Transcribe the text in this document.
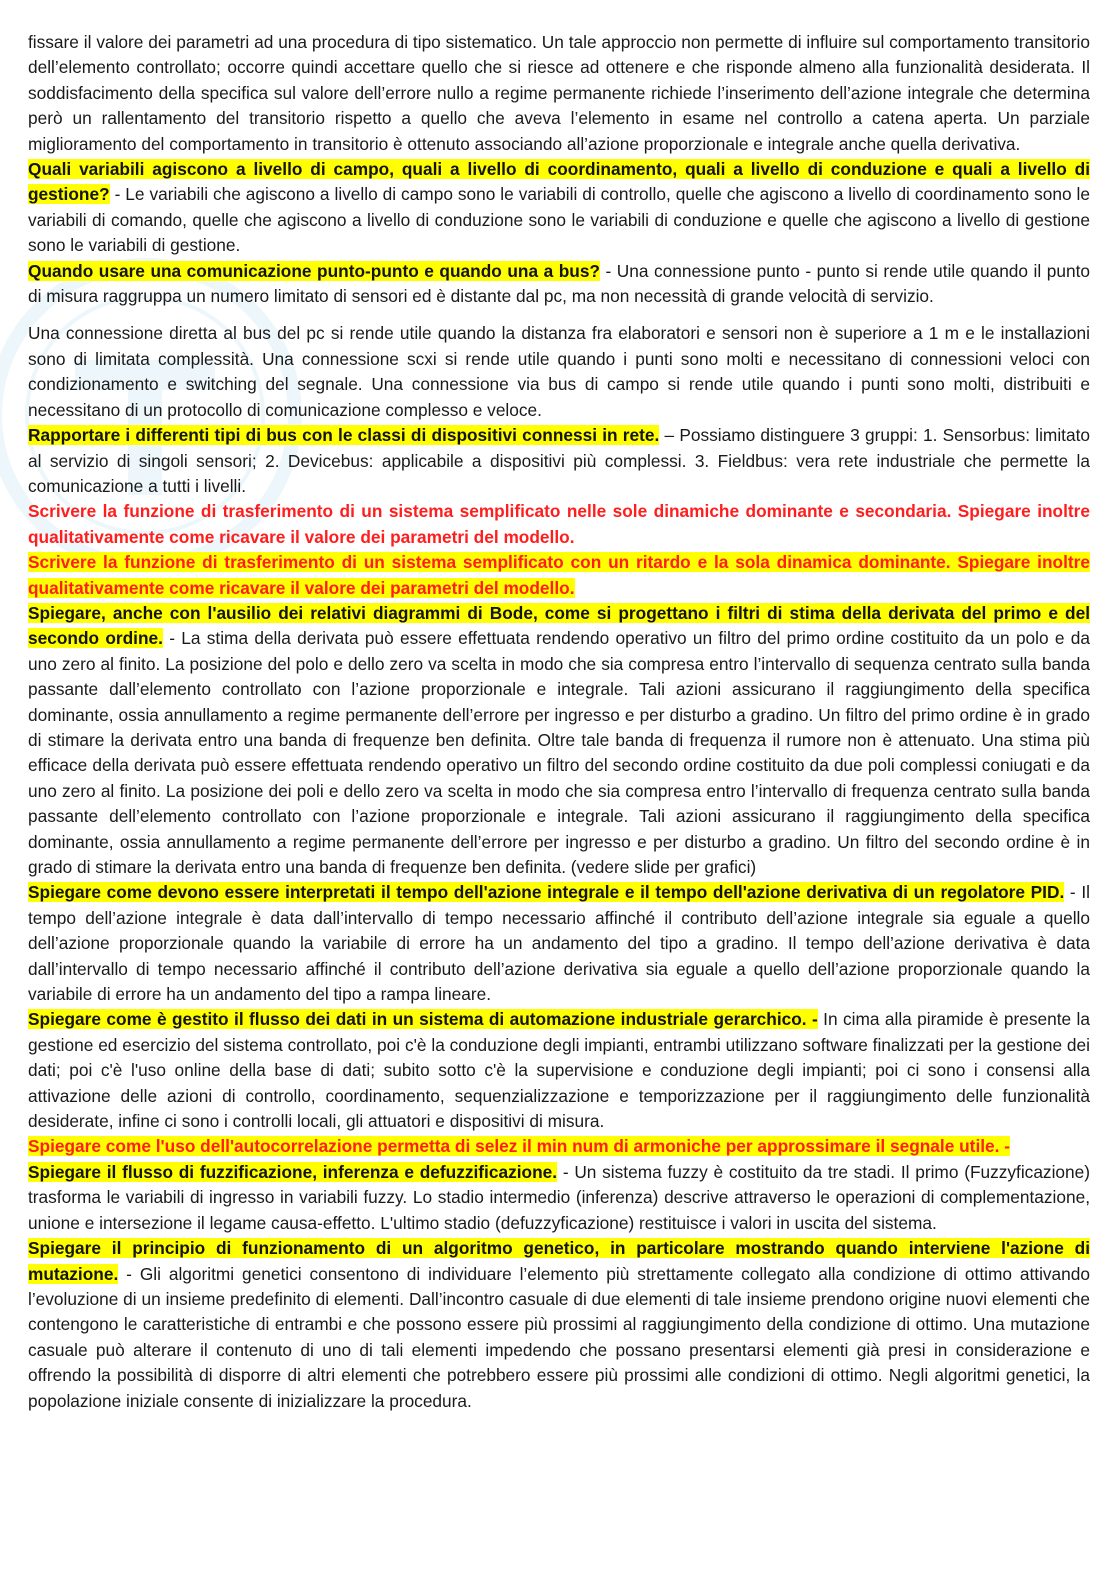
fissare il valore dei parametri ad una procedura di tipo sistematico. Un tale approccio non permette di influire sul comportamento transitorio dell’elemento controllato; occorre quindi accettare quello che si riesce ad ottenere e che risponde almeno alla funzionalità desiderata. Il soddisfacimento della specifica sul valore dell’errore nullo a regime permanente richiede l’inserimento dell’azione integrale che determina però un rallentamento del transitorio rispetto a quello che aveva l’elemento in esame nel controllo a catena aperta. Un parziale miglioramento del comportamento in transitorio è ottenuto associando all’azione proporzionale e integrale anche quella derivativa.

Quali variabili agiscono a livello di campo, quali a livello di coordinamento, quali a livello di conduzione e quali a livello di gestione? - Le variabili che agiscono a livello di campo sono le variabili di controllo, quelle che agiscono a livello di coordinamento sono le variabili di comando, quelle che agiscono a livello di conduzione sono le variabili di conduzione e quelle che agiscono a livello di gestione sono le variabili di gestione.

Quando usare una comunicazione punto-punto e quando una a bus? - Una connessione punto - punto si rende utile quando il punto di misura raggruppa un numero limitato di sensori ed è distante dal pc, ma non necessità di grande velocità di servizio.

Una connessione diretta al bus del pc si rende utile quando la distanza fra elaboratori e sensori non è superiore a 1 m e le installazioni sono di limitata complessità. Una connessione scxi si rende utile quando i punti sono molti e necessitano di connessioni veloci con condizionamento e switching del segnale. Una connessione via bus di campo si rende utile quando i punti sono molti, distribuiti e necessitano di un protocollo di comunicazione complesso e veloce.

Rapportare i differenti tipi di bus con le classi di dispositivi connessi in rete. – Possiamo distinguere 3 gruppi: 1. Sensorbus: limitato al servizio di singoli sensori; 2. Devicebus: applicabile a dispositivi più complessi. 3. Fieldbus: vera rete industriale che permette la comunicazione a tutti i livelli.

Scrivere la funzione di trasferimento di un sistema semplificato nelle sole dinamiche dominante e secondaria. Spiegare inoltre qualitativamente come ricavare il valore dei parametri del modello.

Scrivere la funzione di trasferimento di un sistema semplificato con un ritardo e la sola dinamica dominante. Spiegare inoltre qualitativamente come ricavare il valore dei parametri del modello.

Spiegare, anche con l'ausilio dei relativi diagrammi di Bode, come si progettano i filtri di stima della derivata del primo e del secondo ordine. - La stima della derivata può essere effettuata rendendo operativo un filtro del primo ordine costituito da un polo e da uno zero al finito. La posizione del polo e dello zero va scelta in modo che sia compresa entro l’intervallo di sequenza centrato sulla banda passante dall’elemento controllato con l’azione proporzionale e integrale. Tali azioni assicurano il raggiungimento della specifica dominante, ossia annullamento a regime permanente dell’errore per ingresso e per disturbo a gradino. Un filtro del primo ordine è in grado di stimare la derivata entro una banda di frequenze ben definita. Oltre tale banda di frequenza il rumore non è attenuato. Una stima più efficace della derivata può essere effettuata rendendo operativo un filtro del secondo ordine costituito da due poli complessi coniugati e da uno zero al finito. La posizione dei poli e dello zero va scelta in modo che sia compresa entro l’intervallo di frequenza centrato sulla banda passante dell’elemento controllato con l’azione proporzionale e integrale. Tali azioni assicurano il raggiungimento della specifica dominante, ossia annullamento a regime permanente dell’errore per ingresso e per disturbo a gradino. Un filtro del secondo ordine è in grado di stimare la derivata entro una banda di frequenze ben definita. (vedere slide per grafici)

Spiegare come devono essere interpretati il tempo dell'azione integrale e il tempo dell'azione derivativa di un regolatore PID. - Il tempo dell’azione integrale è data dall’intervallo di tempo necessario affinché il contributo dell’azione integrale sia eguale a quello dell’azione proporzionale quando la variabile di errore ha un andamento del tipo a gradino. Il tempo dell’azione derivativa è data dall’intervallo di tempo necessario affinché il contributo dell’azione derivativa sia eguale a quello dell’azione proporzionale quando la variabile di errore ha un andamento del tipo a rampa lineare.

Spiegare come è gestito il flusso dei dati in un sistema di automazione industriale gerarchico. - In cima alla piramide è presente la gestione ed esercizio del sistema controllato, poi c'è la conduzione degli impianti, entrambi utilizzano software finalizzati per la gestione dei dati; poi c'è l'uso online della base di dati; subito sotto c'è la supervisione e conduzione degli impianti; poi ci sono i consensi alla attivazione delle azioni di controllo, coordinamento, sequenzializzazione e temporizzazione per il raggiungimento delle funzionalità desiderate, infine ci sono i controlli locali, gli attuatori e dispositivi di misura.

Spiegare come l'uso dell'autocorrelazione permetta di selez il min num di armoniche per approssimare il segnale utile. -

Spiegare il flusso di fuzzificazione, inferenza e defuzzificazione. - Un sistema fuzzy è costituito da tre stadi. Il primo (Fuzzyficazione) trasforma le variabili di ingresso in variabili fuzzy. Lo stadio intermedio (inferenza) descrive attraverso le operazioni di complementazione, unione e intersezione il legame causa-effetto. L'ultimo stadio (defuzzyficazione) restituisce i valori in uscita del sistema.

Spiegare il principio di funzionamento di un algoritmo genetico, in particolare mostrando quando interviene l'azione di mutazione. - Gli algoritmi genetici consentono di individuare l’elemento più strettamente collegato alla condizione di ottimo attivando l’evoluzione di un insieme predefinito di elementi. Dall’incontro casuale di due elementi di tale insieme prendono origine nuovi elementi che contengono le caratteristiche di entrambi e che possono essere più prossimi al raggiungimento della condizione di ottimo. Una mutazione casuale può alterare il contenuto di uno di tali elementi impedendo che possano presentarsi elementi già presi in considerazione e offrendo la possibilità di disporre di altri elementi che potrebbero essere più prossimi alle condizioni di ottimo. Negli algoritmi genetici, la popolazione iniziale consente di inizializzare la procedura.
